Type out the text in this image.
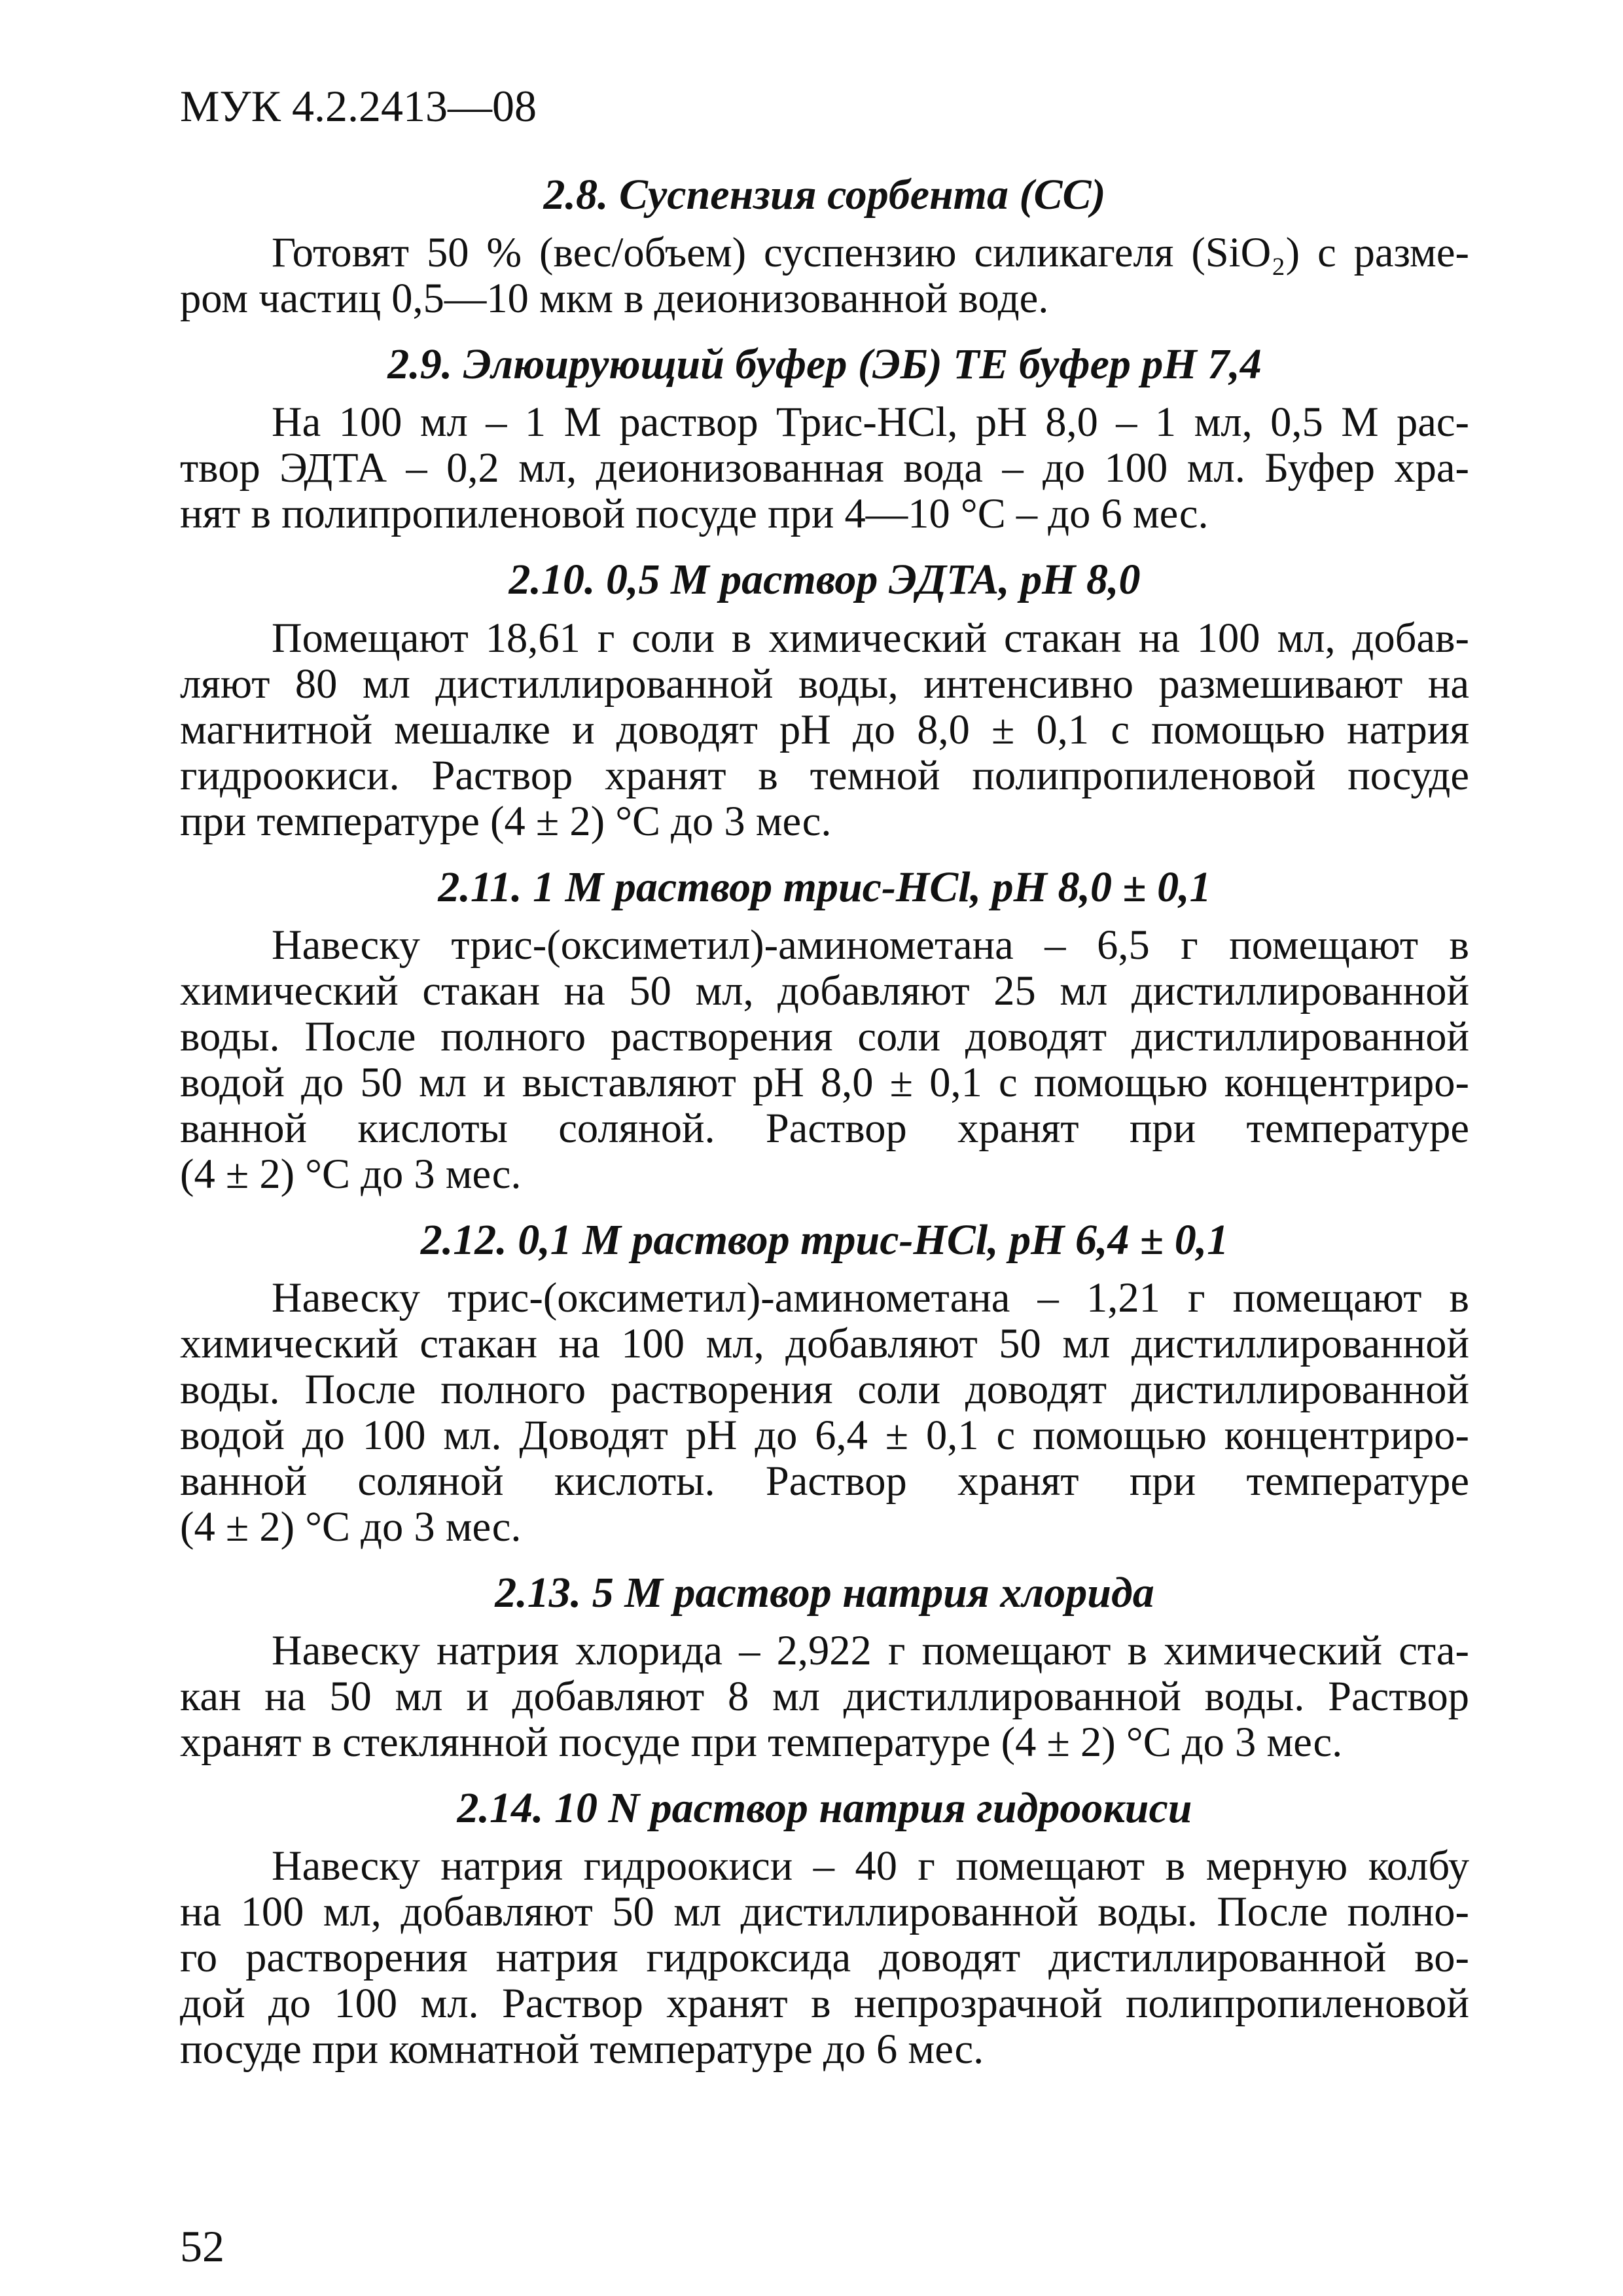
МУК 4.2.2413—08
2.8. Суспензия сорбента (СС)

Готовят 50 % (вес/объем) суспензию силикагеля (SiO₂) с разме-
ром частиц 0,5—10 мкм в деионизованной воде.

2.9. Элюирующий буфер (ЭБ) ТЕ буфер рН 7,4

На 100 мл – 1 М раствор Трис-HCl, рН 8,0 – 1 мл, 0,5 М рас-
твор ЭДТА – 0,2 мл, деионизованная вода – до 100 мл. Буфер хра-
нят в полипропиленовой посуде при 4—10 °С – до 6 мес.

2.10. 0,5 М раствор ЭДТА, рН 8,0

Помещают 18,61 г соли в химический стакан на 100 мл, добав-
ляют 80 мл дистиллированной воды, интенсивно размешивают на
магнитной мешалке и доводят рН до 8,0 ± 0,1 с помощью натрия
гидроокиси. Раствор хранят в темной полипропиленовой посуде
при температуре (4 ± 2) °С до 3 мес.

2.11. 1 М раствор трис-HCl, рН 8,0 ± 0,1

Навеску трис-(оксиметил)-аминометана – 6,5 г помещают в
химический стакан на 50 мл, добавляют 25 мл дистиллированной
воды. После полного растворения соли доводят дистиллированной
водой до 50 мл и выставляют рН 8,0 ± 0,1 с помощью концентриро-
ванной кислоты соляной. Раствор хранят при температуре
(4 ± 2) °С до 3 мес.

2.12. 0,1 М раствор трис-HCl, рН 6,4 ± 0,1

Навеску трис-(оксиметил)-аминометана – 1,21 г помещают в
химический стакан на 100 мл, добавляют 50 мл дистиллированной
воды. После полного растворения соли доводят дистиллированной
водой до 100 мл. Доводят рН до 6,4 ± 0,1 с помощью концентриро-
ванной соляной кислоты. Раствор хранят при температуре
(4 ± 2) °С до 3 мес.

2.13. 5 М раствор натрия хлорида

Навеску натрия хлорида – 2,922 г помещают в химический ста-
кан на 50 мл и добавляют 8 мл дистиллированной воды. Раствор
хранят в стеклянной посуде при температуре (4 ± 2) °С до 3 мес.

2.14. 10 N раствор натрия гидроокиси

Навеску натрия гидроокиси – 40 г помещают в мерную колбу
на 100 мл, добавляют 50 мл дистиллированной воды. После полно-
го растворения натрия гидроксида доводят дистиллированной во-
дой до 100 мл. Раствор хранят в непрозрачной полипропиленовой
посуде при комнатной температуре до 6 мес.

52
